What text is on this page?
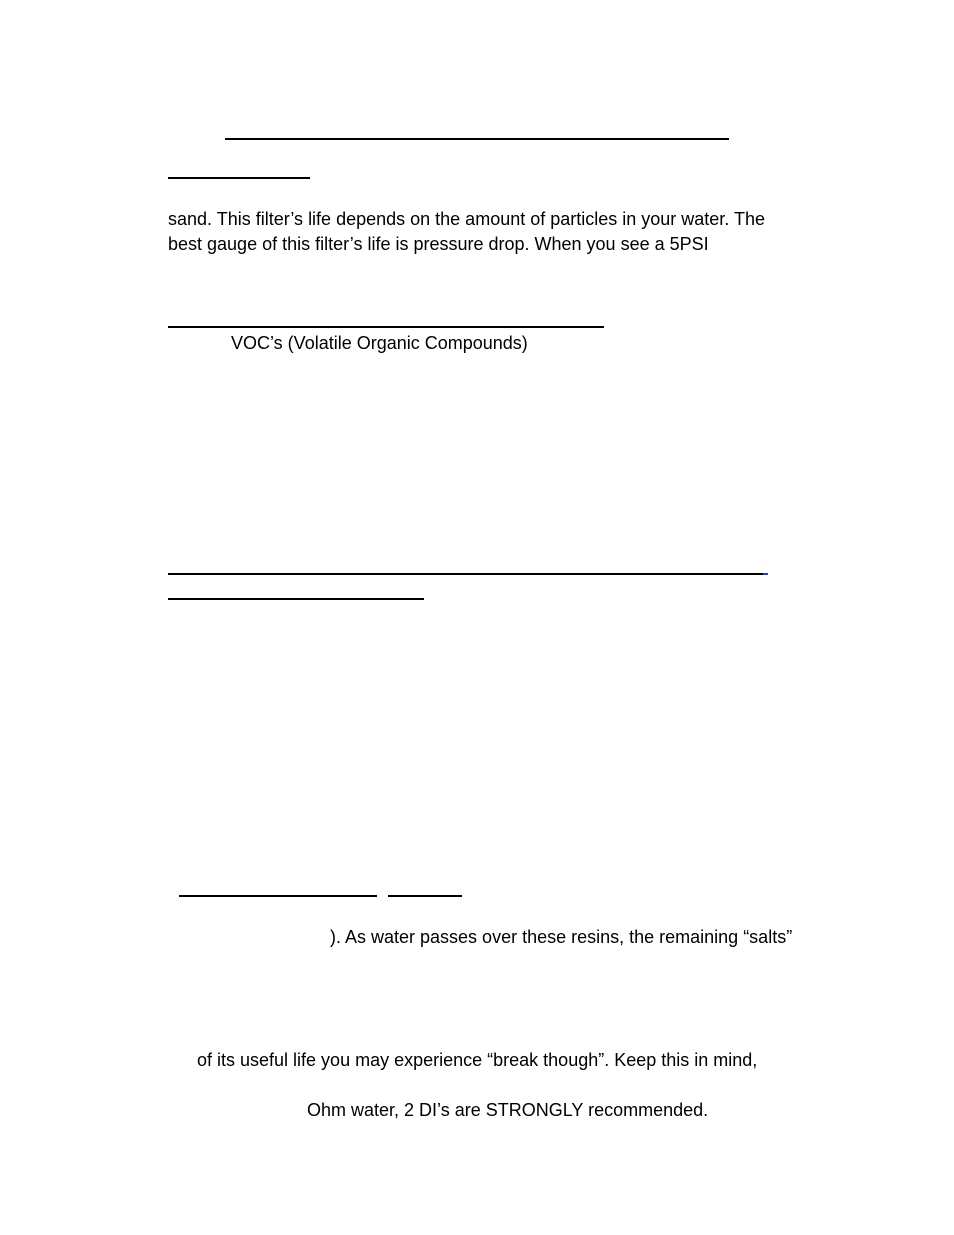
sand. This filter’s life depends on the amount of particles in your water. The
best gauge of this filter’s life is pressure drop. When you see a 5PSI
VOC’s (Volatile Organic Compounds)
). As water passes over these resins, the remaining “salts”
of its useful life you may experience “break though”. Keep this in mind,
Ohm water, 2 DI’s are STRONGLY recommended.
